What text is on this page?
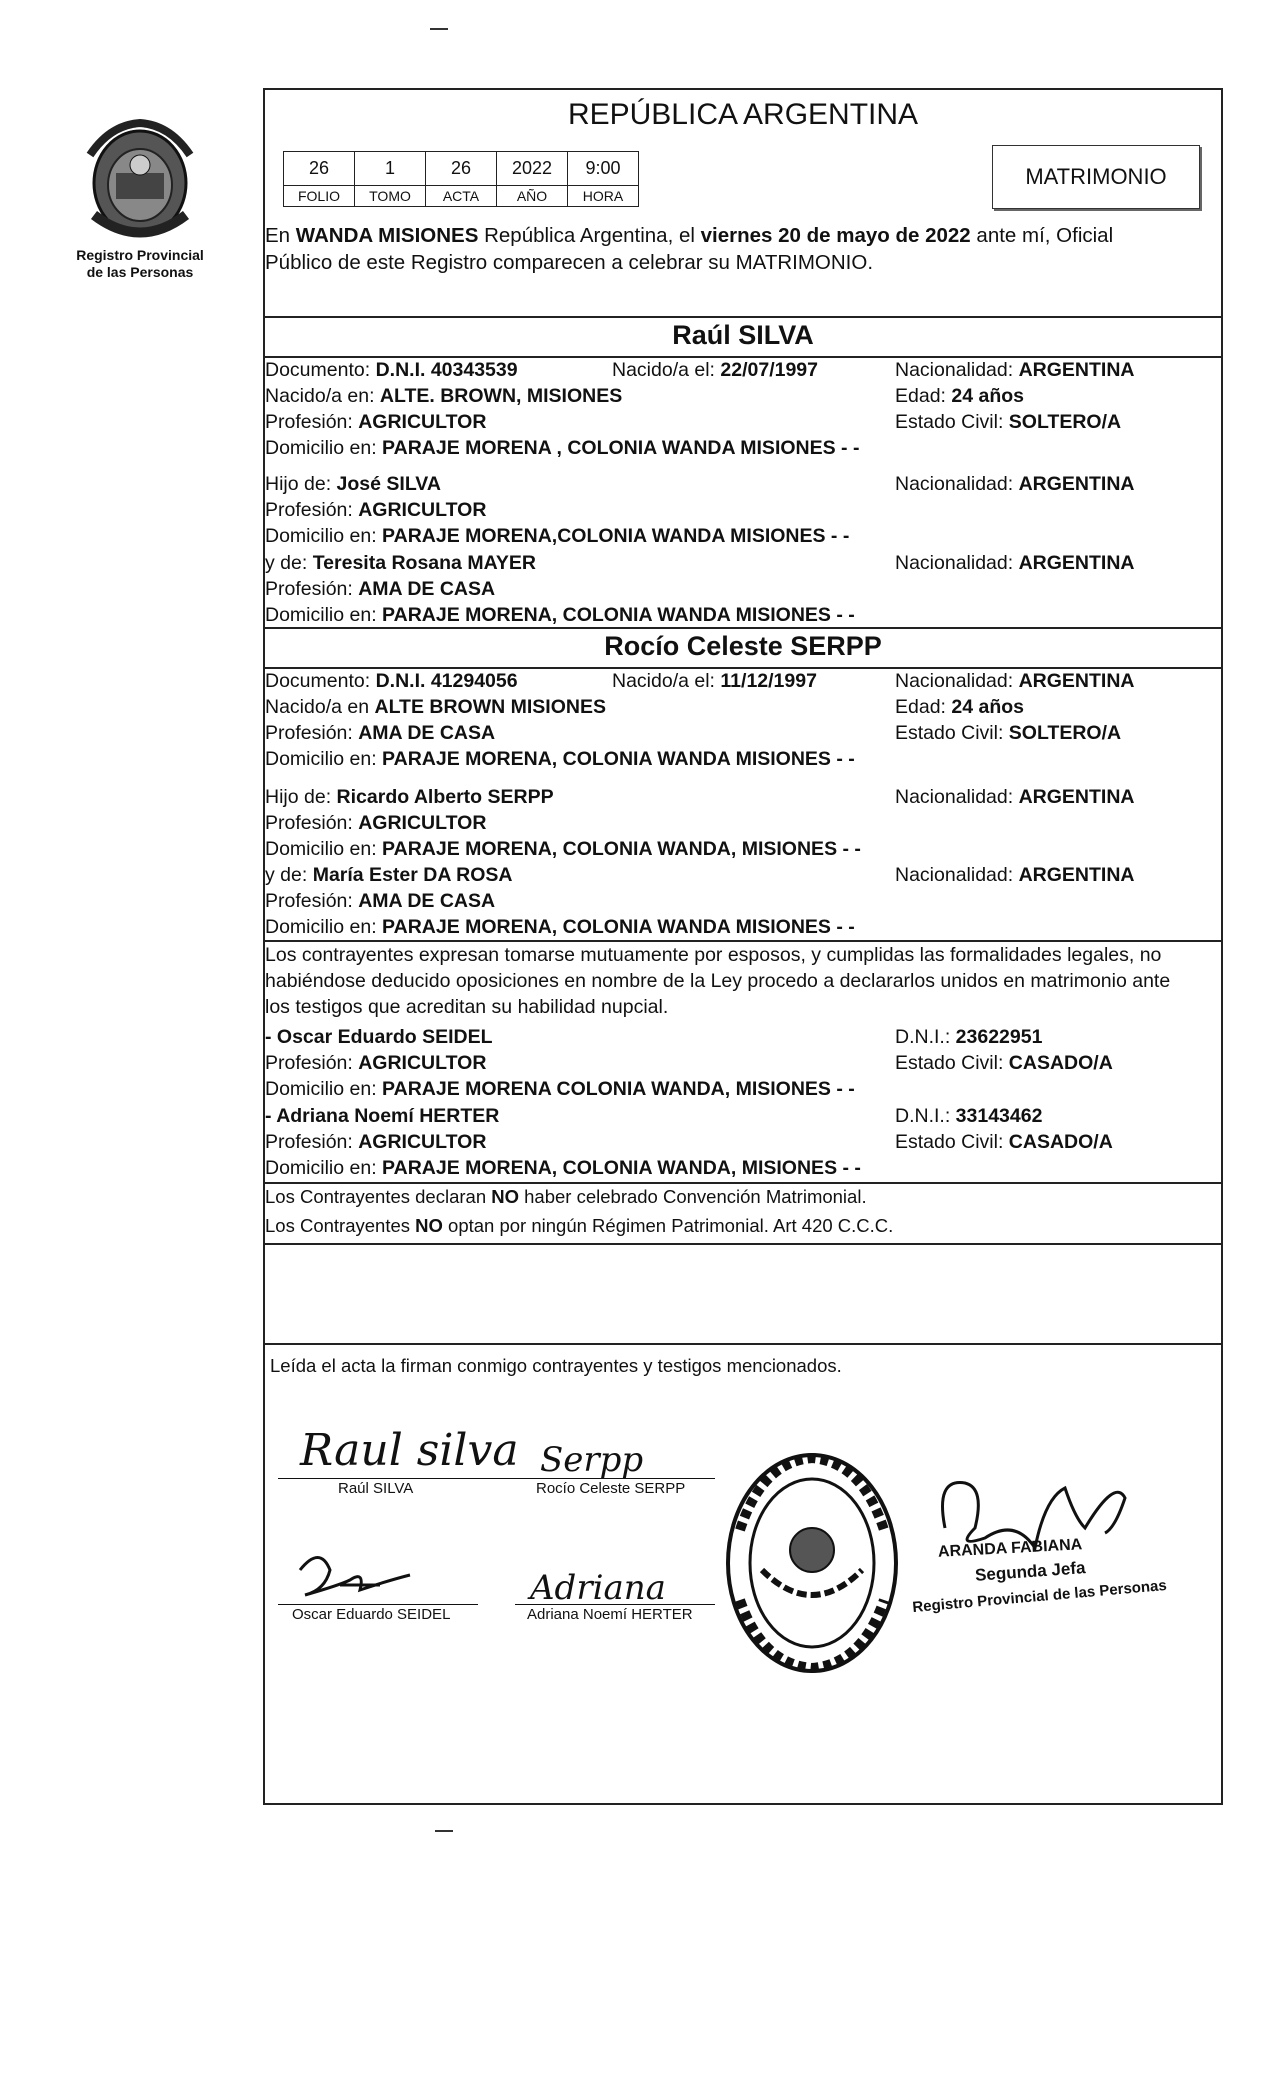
Registro Provincial
de las Personas
REPÚBLICA ARGENTINA
26	1	26	2022	9:00
FOLIO	TOMO	ACTA	AÑO	HORA
MATRIMONIO
En WANDA MISIONES República Argentina, el viernes 20 de mayo de 2022 ante mí, Oficial
Público de este Registro comparecen a celebrar su MATRIMONIO.
Raúl SILVA
Documento: D.N.I. 40343539	Nacido/a el: 22/07/1997	Nacionalidad: ARGENTINA
Nacido/a en: ALTE. BROWN, MISIONES	Edad: 24 años
Profesión: AGRICULTOR	Estado Civil: SOLTERO/A
Domicilio en: PARAJE MORENA , COLONIA WANDA MISIONES - -
Hijo de: José SILVA	Nacionalidad: ARGENTINA
Profesión: AGRICULTOR
Domicilio en: PARAJE MORENA,COLONIA WANDA MISIONES - -
y de: Teresita Rosana MAYER	Nacionalidad: ARGENTINA
Profesión: AMA DE CASA
Domicilio en: PARAJE MORENA, COLONIA WANDA MISIONES - -
Rocío Celeste SERPP
Documento: D.N.I. 41294056	Nacido/a el: 11/12/1997	Nacionalidad: ARGENTINA
Nacido/a en ALTE BROWN MISIONES	Edad: 24 años
Profesión: AMA DE CASA	Estado Civil: SOLTERO/A
Domicilio en: PARAJE MORENA, COLONIA WANDA MISIONES - -
Hijo de: Ricardo Alberto SERPP	Nacionalidad: ARGENTINA
Profesión: AGRICULTOR
Domicilio en: PARAJE MORENA, COLONIA WANDA, MISIONES - -
y de: María Ester DA ROSA	Nacionalidad: ARGENTINA
Profesión: AMA DE CASA
Domicilio en: PARAJE MORENA, COLONIA WANDA MISIONES - -
Los contrayentes expresan tomarse mutuamente por esposos, y cumplidas las formalidades legales, no
habiéndose deducido oposiciones en nombre de la Ley procedo a declararlos unidos en matrimonio ante
los testigos que acreditan su habilidad nupcial.
- Oscar Eduardo SEIDEL	D.N.I.: 23622951
Profesión: AGRICULTOR	Estado Civil: CASADO/A
Domicilio en: PARAJE MORENA COLONIA WANDA, MISIONES - -
- Adriana Noemí HERTER	D.N.I.: 33143462
Profesión: AGRICULTOR	Estado Civil: CASADO/A
Domicilio en: PARAJE MORENA, COLONIA WANDA, MISIONES - -
Los Contrayentes declaran NO haber celebrado Convención Matrimonial.
Los Contrayentes NO optan por ningún Régimen Patrimonial. Art 420 C.C.C.
Leída el acta la firman conmigo contrayentes y testigos mencionados.
Raul silva
Raúl SILVA
Serpp
Rocío Celeste SERPP
Oscar Eduardo SEIDEL
Adriana
Adriana Noemí HERTER
ARANDA FABIANA
Segunda Jefa
Registro Provincial de las Personas
